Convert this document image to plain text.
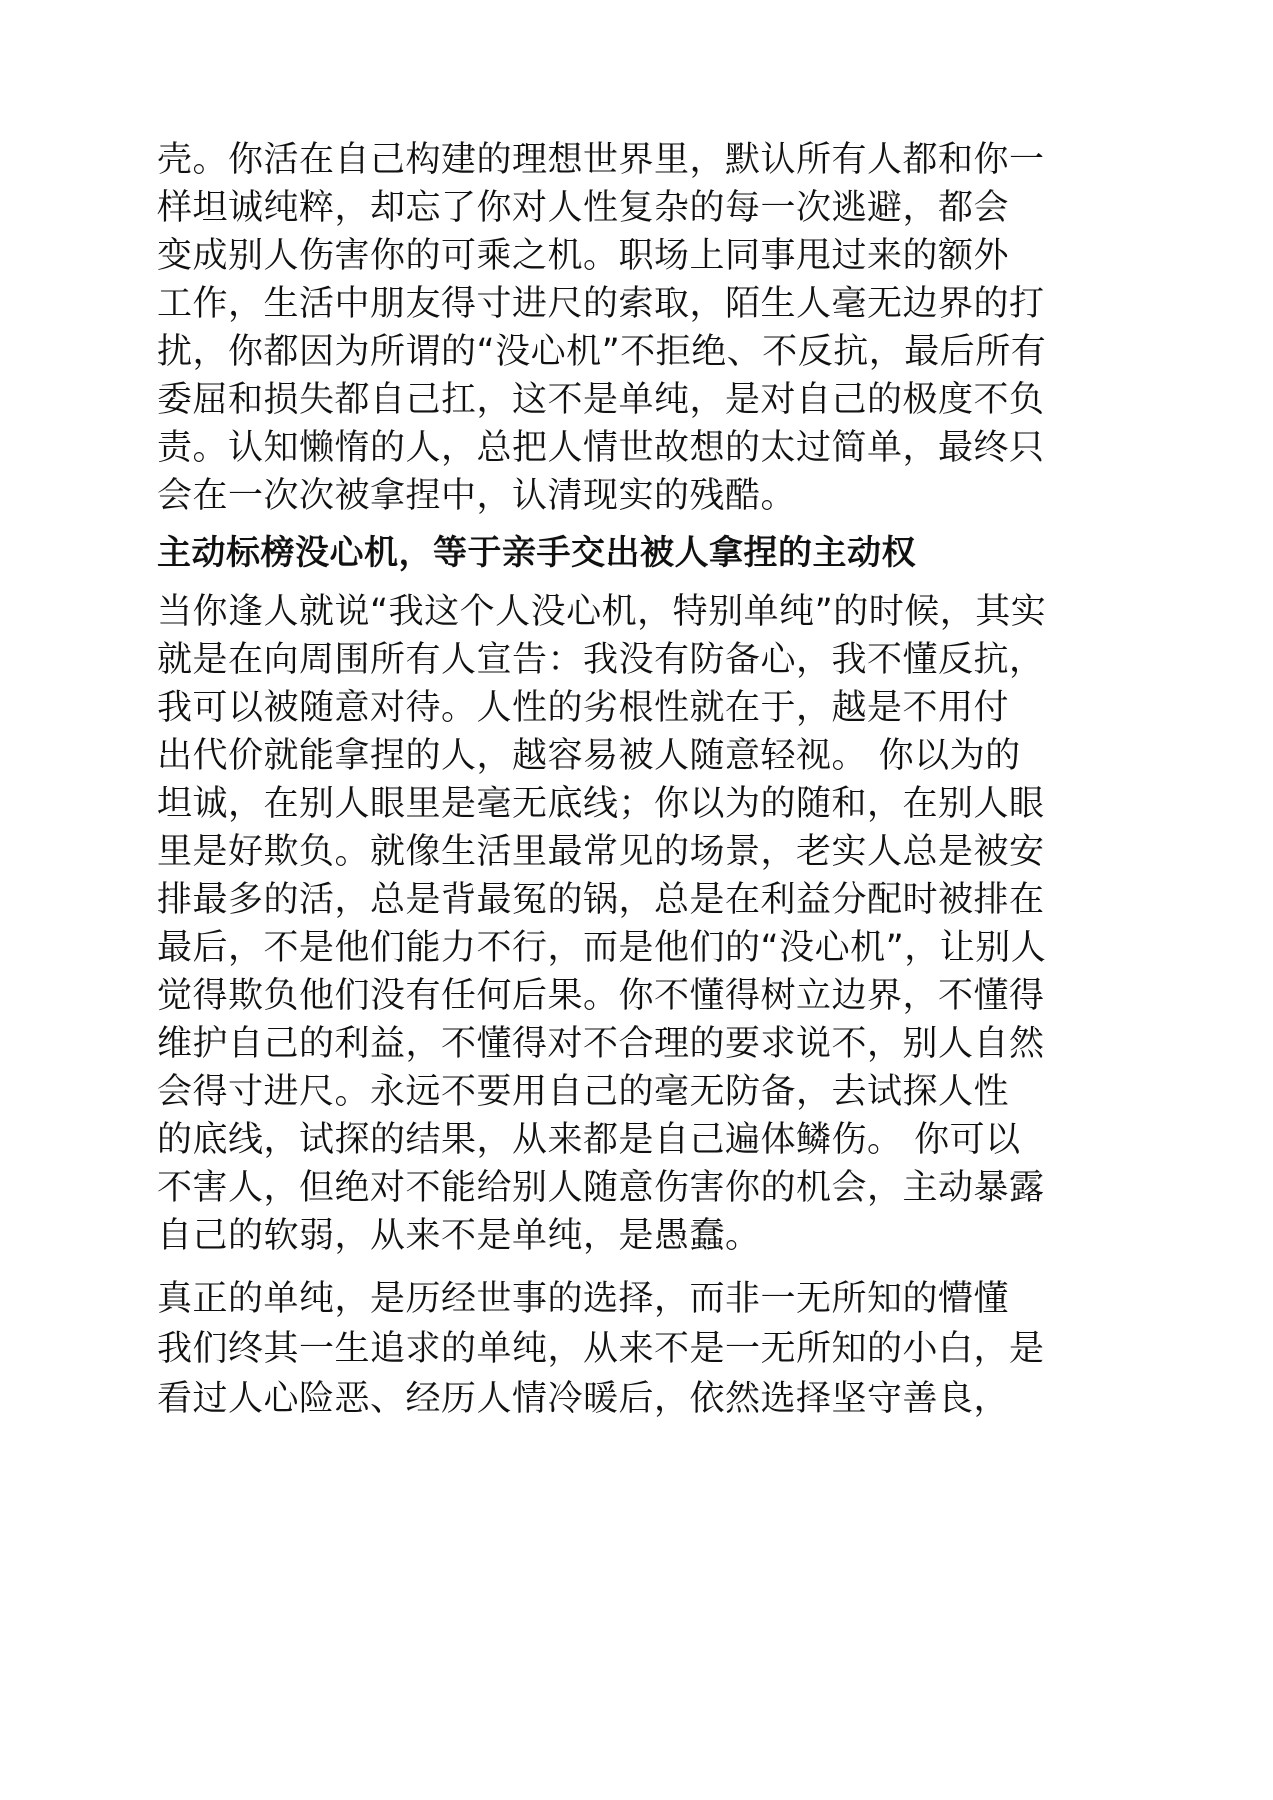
壳。你活在自己构建的理想世界里，默认所有人都和你一
样坦诚纯粹，却忘了你对人性复杂的每一次逃避，都会
变成别人伤害你的可乘之机。职场上同事甩过来的额外
工作，生活中朋友得寸进尺的索取，陌生人毫无边界的打
扰，你都因为所谓的“没心机”不拒绝、不反抗，最后所有
委屈和损失都自己扛，这不是单纯，是对自己的极度不负
责。认知懒惰的人，总把人情世故想的太过简单，最终只
会在一次次被拿捏中，认清现实的残酷。
主动标榜没心机，等于亲手交出被人拿捏的主动权
当你逢人就说“我这个人没心机，特别单纯”的时候，其实
就是在向周围所有人宣告：我没有防备心，我不懂反抗，
我可以被随意对待。人性的劣根性就在于，越是不用付
出代价就能拿捏的人，越容易被人随意轻视。 你以为的
坦诚，在别人眼里是毫无底线；你以为的随和，在别人眼
里是好欺负。就像生活里最常见的场景，老实人总是被安
排最多的活，总是背最冤的锅，总是在利益分配时被排在
最后，不是他们能力不行，而是他们的“没心机”，让别人
觉得欺负他们没有任何后果。你不懂得树立边界，不懂得
维护自己的利益，不懂得对不合理的要求说不，别人自然
会得寸进尺。永远不要用自己的毫无防备，去试探人性
的底线，试探的结果，从来都是自己遍体鳞伤。 你可以
不害人，但绝对不能给别人随意伤害你的机会，主动暴露
自己的软弱，从来不是单纯，是愚蠢。
真正的单纯，是历经世事的选择，而非一无所知的懵懂
我们终其一生追求的单纯，从来不是一无所知的小白，是
看过人心险恶、经历人情冷暖后，依然选择坚守善良，
